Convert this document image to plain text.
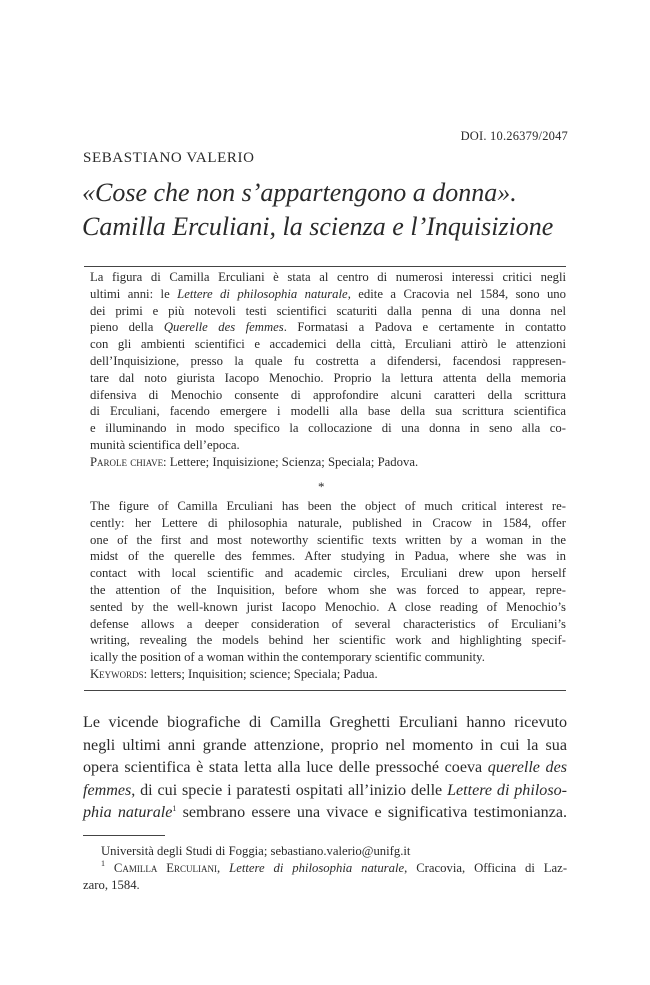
DOI. 10.26379/2047
SEBASTIANO VALERIO
«Cose che non s’appartengono a donna».
Camilla Erculiani, la scienza e l’Inquisizione
La figura di Camilla Erculiani è stata al centro di numerosi interessi critici negli
ultimi anni: le Lettere di philosophia naturale, edite a Cracovia nel 1584, sono uno
dei primi e più notevoli testi scientifici scaturiti dalla penna di una donna nel
pieno della Querelle des femmes. Formatasi a Padova e certamente in contatto
con gli ambienti scientifici e accademici della città, Erculiani attirò le attenzioni
dell’Inquisizione, presso la quale fu costretta a difendersi, facendosi rappresen-
tare dal noto giurista Iacopo Menochio. Proprio la lettura attenta della memoria
difensiva di Menochio consente di approfondire alcuni caratteri della scrittura
di Erculiani, facendo emergere i modelli alla base della sua scrittura scientifica
e illuminando in modo specifico la collocazione di una donna in seno alla co-
munità scientifica dell’epoca.
Parole chiave: Lettere; Inquisizione; Scienza; Speciala; Padova.
*
The figure of Camilla Erculiani has been the object of much critical interest re-
cently: her Lettere di philosophia naturale, published in Cracow in 1584, offer
one of the first and most noteworthy scientific texts written by a woman in the
midst of the querelle des femmes. After studying in Padua, where she was in
contact with local scientific and academic circles, Erculiani drew upon herself
the attention of the Inquisition, before whom she was forced to appear, repre-
sented by the well-known jurist Iacopo Menochio. A close reading of Menochio’s
defense allows a deeper consideration of several characteristics of Erculiani’s
writing, revealing the models behind her scientific work and highlighting specif-
ically the position of a woman within the contemporary scientific community.
Keywords: letters; Inquisition; science; Speciala; Padua.
Le vicende biografiche di Camilla Greghetti Erculiani hanno ricevuto
negli ultimi anni grande attenzione, proprio nel momento in cui la sua
opera scientifica è stata letta alla luce delle pressoché coeva querelle des
femmes, di cui specie i paratesti ospitati all’inizio delle Lettere di philoso-
phia naturale$^1$ sembrano essere una vivace e significativa testimonianza.
Università degli Studi di Foggia; sebastiano.valerio@unifg.it
$^1$ Camilla Erculiani, Lettere di philosophia naturale, Cracovia, Officina di Laz-
zaro, 1584.
